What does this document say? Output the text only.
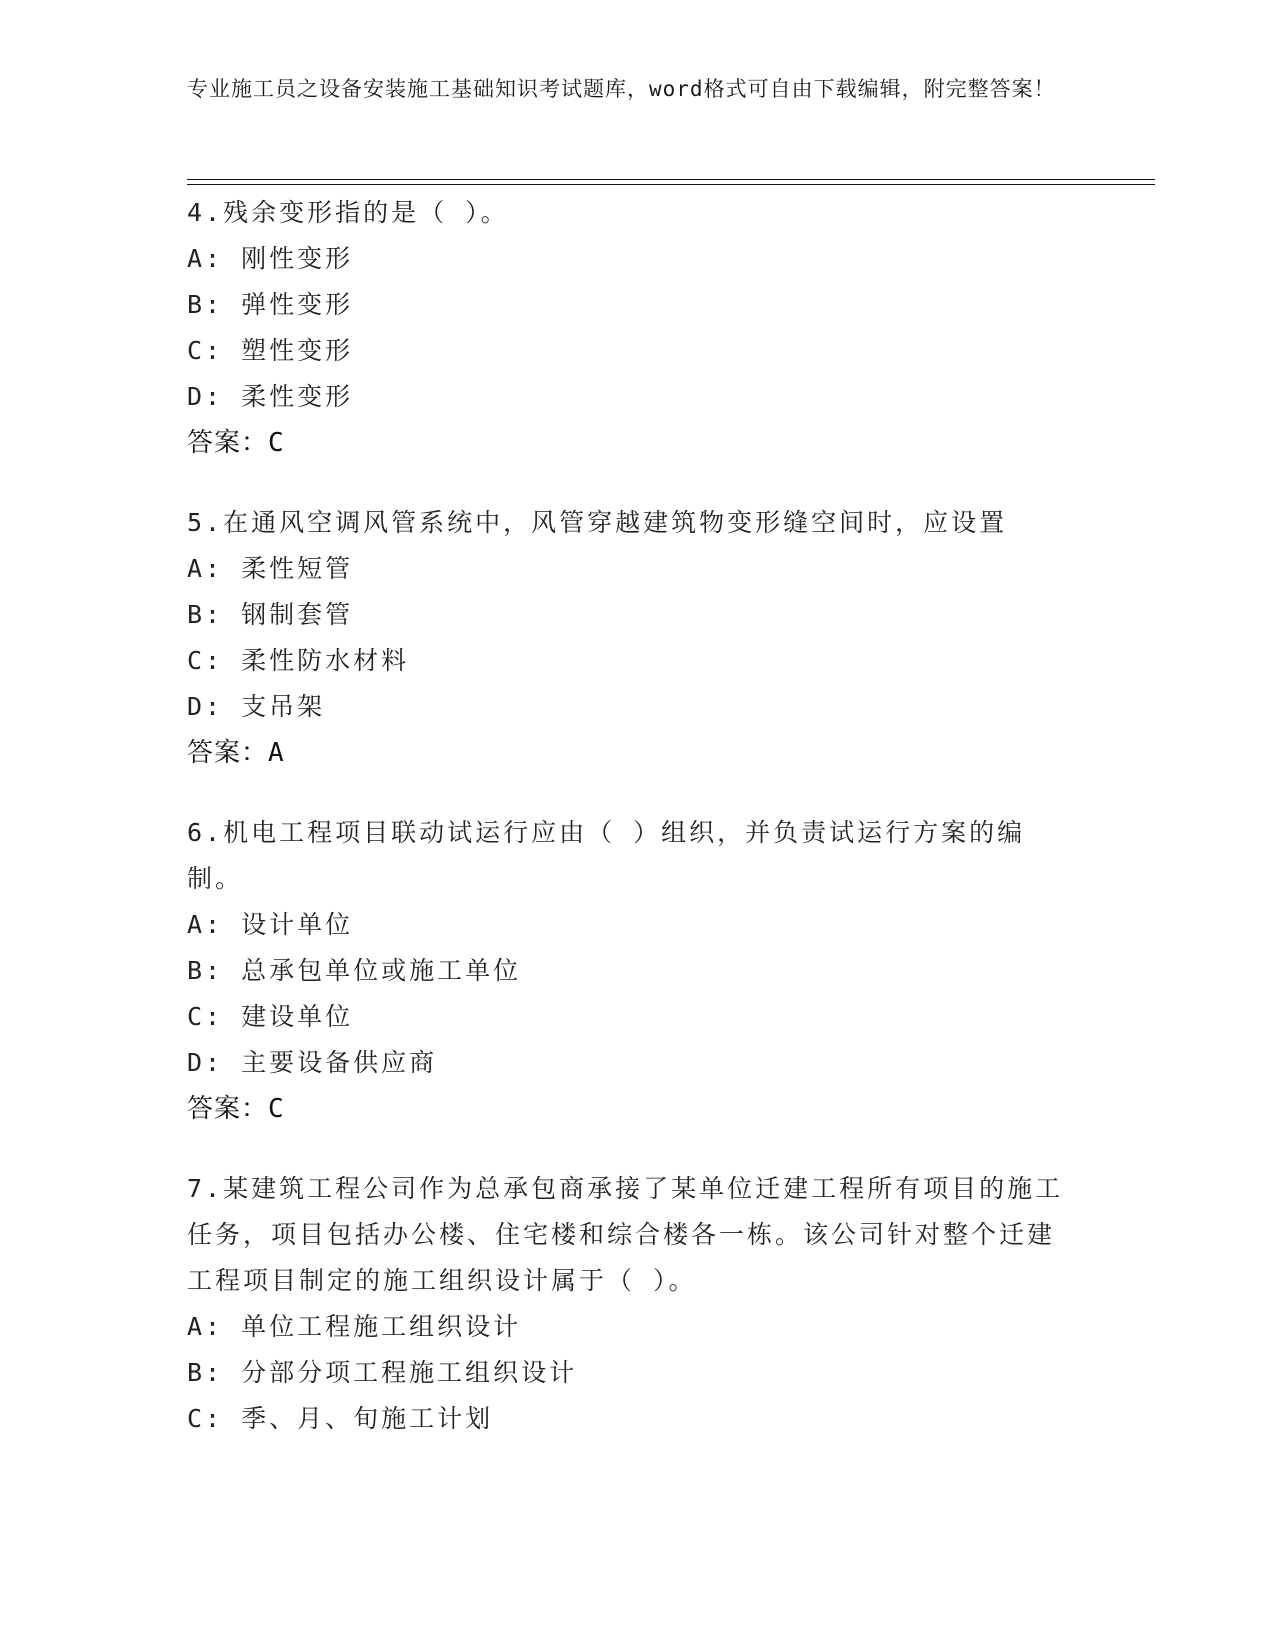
专业施工员之设备安装施工基础知识考试题库，word格式可自由下载编辑，附完整答案！
4.残余变形指的是（ ）。
A: 刚性变形
B: 弹性变形
C: 塑性变形
D: 柔性变形
答案：C
5.在通风空调风管系统中，风管穿越建筑物变形缝空间时，应设置
A: 柔性短管
B: 钢制套管
C: 柔性防水材料
D: 支吊架
答案：A
6.机电工程项目联动试运行应由（ ）组织，并负责试运行方案的编制。
A: 设计单位
B: 总承包单位或施工单位
C: 建设单位
D: 主要设备供应商
答案：C
7.某建筑工程公司作为总承包商承接了某单位迁建工程所有项目的施工任务，项目包括办公楼、住宅楼和综合楼各一栋。该公司针对整个迁建工程项目制定的施工组织设计属于（ ）。
A: 单位工程施工组织设计
B: 分部分项工程施工组织设计
C: 季、月、旬施工计划
